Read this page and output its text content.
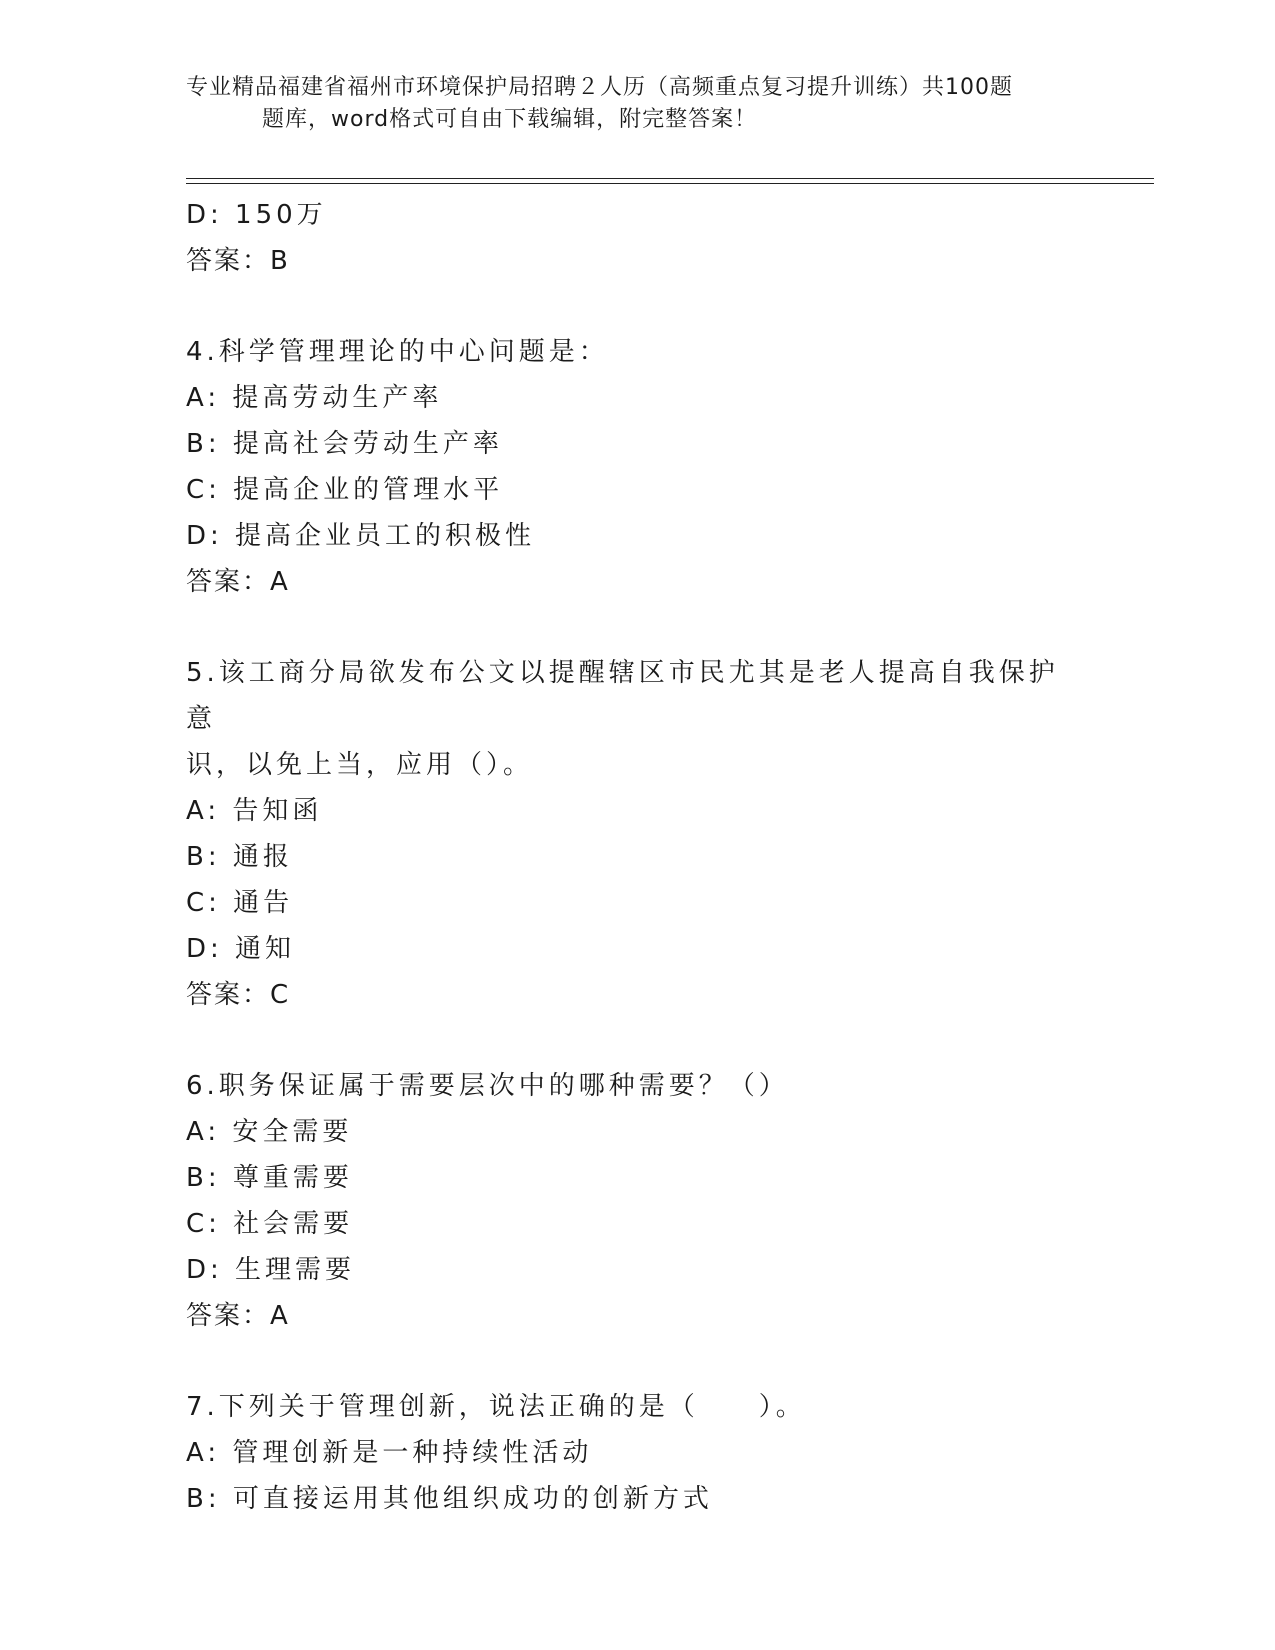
专业精品福建省福州市环境保护局招聘２人历（高频重点复习提升训练）共100题
题库，word格式可自由下载编辑，附完整答案！
D: 150万
答案：B
4.科学管理理论的中心问题是：
A: 提高劳动生产率
B: 提高社会劳动生产率
C: 提高企业的管理水平
D: 提高企业员工的积极性
答案：A
5.该工商分局欲发布公文以提醒辖区市民尤其是老人提高自我保护意
识，以免上当，应用（）。
A: 告知函
B: 通报
C: 通告
D: 通知
答案：C
6.职务保证属于需要层次中的哪种需要？（）
A: 安全需要
B: 尊重需要
C: 社会需要
D: 生理需要
答案：A
7.下列关于管理创新，说法正确的是（　　）。
A: 管理创新是一种持续性活动
B: 可直接运用其他组织成功的创新方式
